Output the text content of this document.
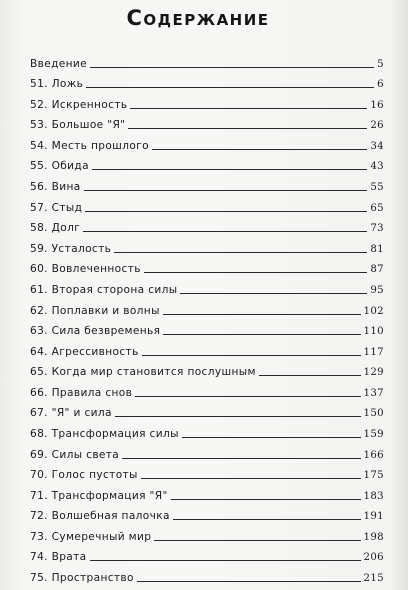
Содержание
Введение	5
51. Ложь	6
52. Искренность	16
53. Большое "Я"	26
54. Месть прошлого	34
55. Обида	43
56. Вина	55
57. Стыд	65
58. Долг	73
59. Усталость	81
60. Вовлеченность	87
61. Вторая сторона силы	95
62. Поплавки и волны	102
63. Сила безвременья	110
64. Агрессивность	117
65. Когда мир становится послушным	129
66. Правила снов	137
67. "Я" и сила	150
68. Трансформация силы	159
69. Силы света	166
70. Голос пустоты	175
71. Трансформация "Я"	183
72. Волшебная палочка	191
73. Сумеречный мир	198
74. Врата	206
75. Пространство	215
